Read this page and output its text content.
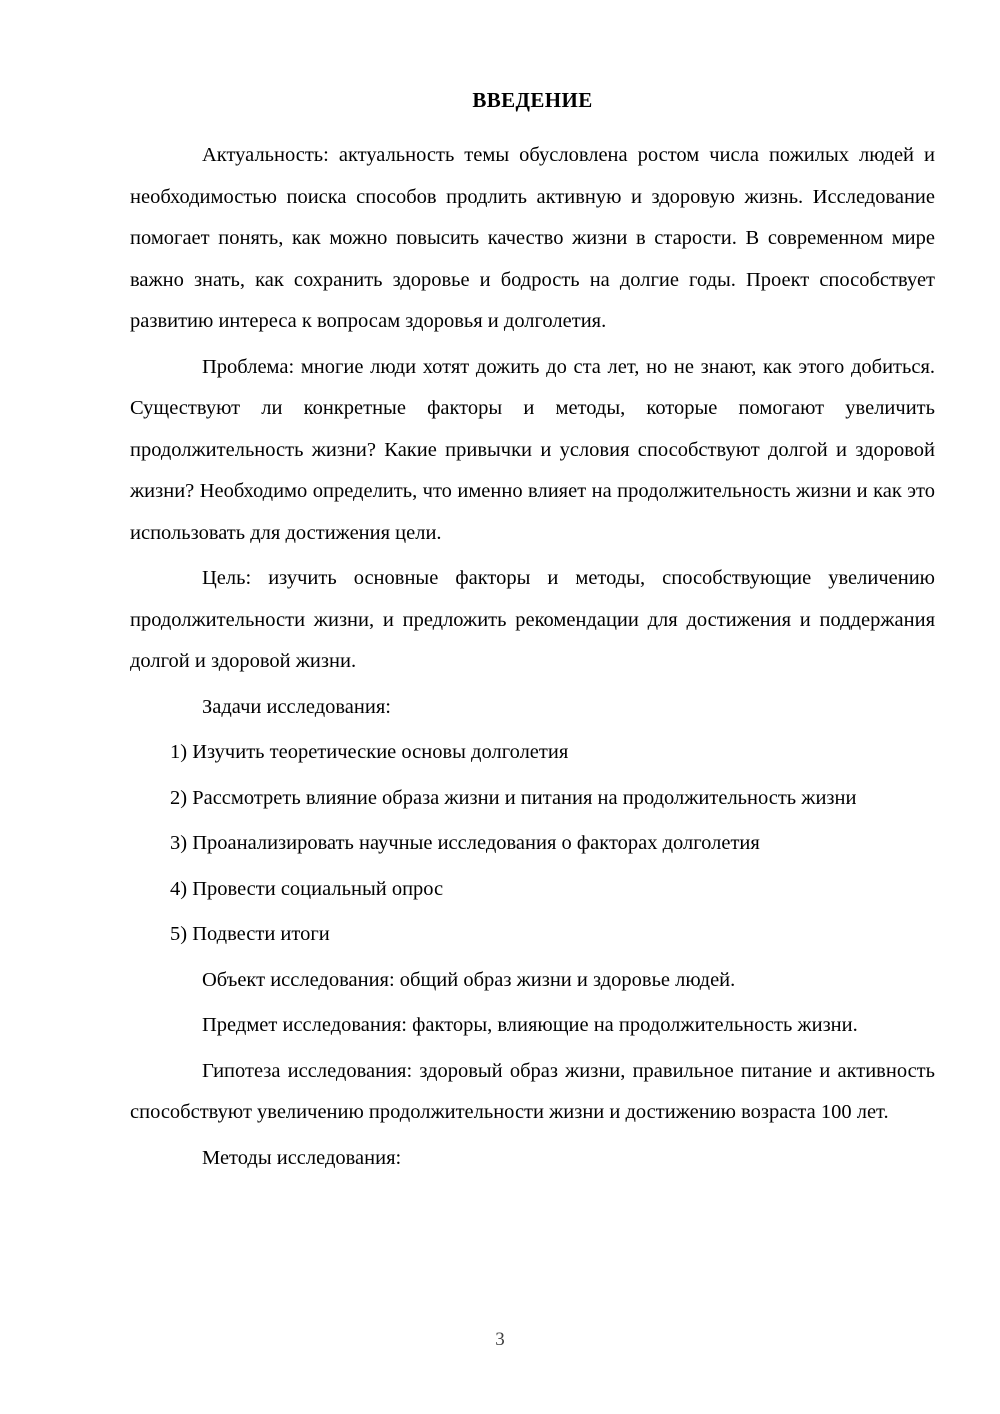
ВВЕДЕНИЕ

Актуальность: актуальность темы обусловлена ростом числа пожилых людей и необходимостью поиска способов продлить активную и здоровую жизнь. Исследование помогает понять, как можно повысить качество жизни в старости. В современном мире важно знать, как сохранить здоровье и бодрость на долгие годы. Проект способствует развитию интереса к вопросам здоровья и долголетия.

Проблема: многие люди хотят дожить до ста лет, но не знают, как этого добиться. Существуют ли конкретные факторы и методы, которые помогают увеличить продолжительность жизни? Какие привычки и условия способствуют долгой и здоровой жизни? Необходимо определить, что именно влияет на продолжительность жизни и как это использовать для достижения цели.

Цель: изучить основные факторы и методы, способствующие увеличению продолжительности жизни, и предложить рекомендации для достижения и поддержания долгой и здоровой жизни.

Задачи исследования:

1) Изучить теоретические основы долголетия

2) Рассмотреть влияние образа жизни и питания на продолжительность жизни

3) Проанализировать научные исследования о факторах долголетия

4) Провести социальный опрос

5) Подвести итоги

Объект исследования: общий образ жизни и здоровье людей.

Предмет исследования: факторы, влияющие на продолжительность жизни.

Гипотеза исследования: здоровый образ жизни, правильное питание и активность способствуют увеличению продолжительности жизни и достижению возраста 100 лет.

Методы исследования:

3
